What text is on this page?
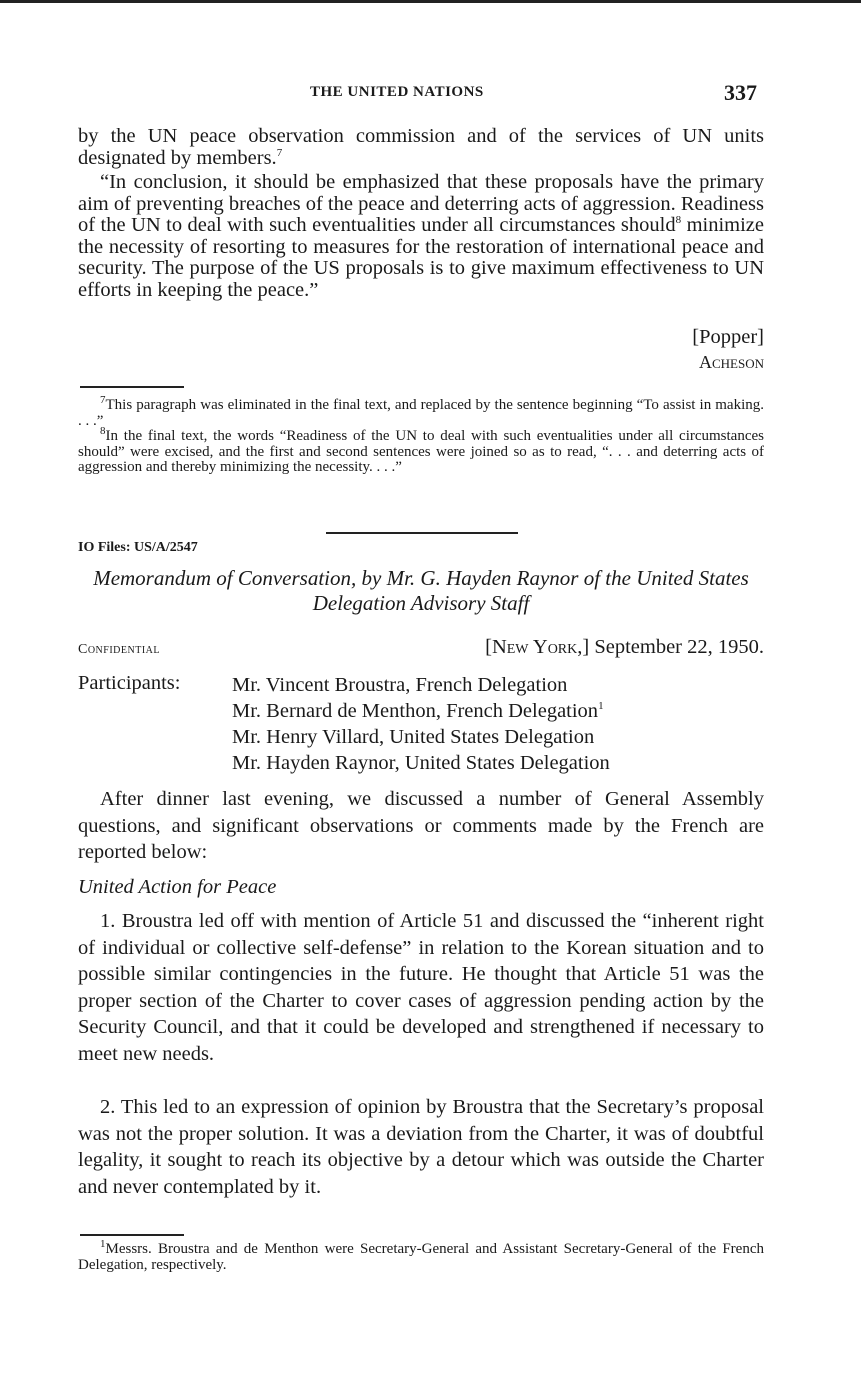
THE UNITED NATIONS	337

by the UN peace observation commission and of the services of UN units designated by members.$^7$

“In conclusion, it should be emphasized that these proposals have the primary aim of preventing breaches of the peace and deterring acts of aggression. Readiness of the UN to deal with such eventualities under all circumstances should$^8$ minimize the necessity of resorting to measures for the restoration of international peace and security. The purpose of the US proposals is to give maximum effectiveness to UN efforts in keeping the peace.”

[Popper]
Acheson

$^7$This paragraph was eliminated in the final text, and replaced by the sentence beginning “To assist in making. . . .”

$^8$In the final text, the words “Readiness of the UN to deal with such eventualities under all circumstances should” were excised, and the first and second sentences were joined so as to read, “. . . and deterring acts of aggression and thereby minimizing the necessity. . . .”

IO Files: US/A/2547
Memorandum of Conversation, by Mr. G. Hayden Raynor of the United States Delegation Advisory Staff
Confidential	[New York,] September 22, 1950.
Participants:	Mr. Vincent Broustra, French Delegation
Mr. Bernard de Menthon, French Delegation$^1$
Mr. Henry Villard, United States Delegation
Mr. Hayden Raynor, United States Delegation

After dinner last evening, we discussed a number of General Assembly questions, and significant observations or comments made by the French are reported below:

United Action for Peace

1. Broustra led off with mention of Article 51 and discussed the “inherent right of individual or collective self-defense” in relation to the Korean situation and to possible similar contingencies in the future. He thought that Article 51 was the proper section of the Charter to cover cases of aggression pending action by the Security Council, and that it could be developed and strengthened if necessary to meet new needs.

2. This led to an expression of opinion by Broustra that the Secretary’s proposal was not the proper solution. It was a deviation from the Charter, it was of doubtful legality, it sought to reach its objective by a detour which was outside the Charter and never contemplated by it.

$^1$Messrs. Broustra and de Menthon were Secretary-General and Assistant Secretary-General of the French Delegation, respectively.
